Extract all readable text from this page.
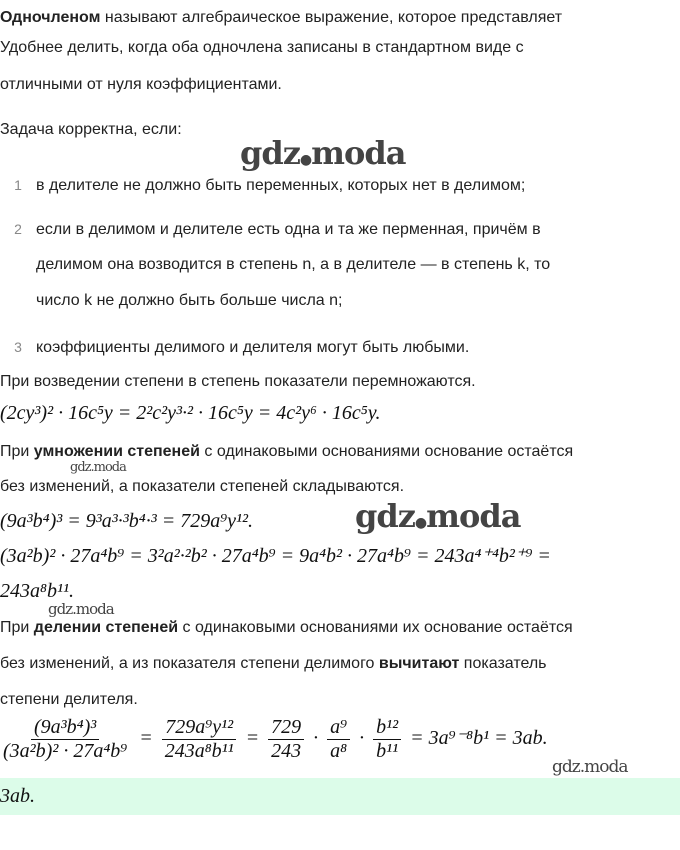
Одночленом называют алгебраическое выражение, которое представляет
Удобнее делить, когда оба одночлена записаны в стандартном виде с
отличными от нуля коэффициентами.
Задача корректна, если:
gdz●moda
1 в делителе не должно быть переменных, которых нет в делимом;
2 если в делимом и делителе есть одна и та же перменная, причём в
делимом она возводится в степень n, а в делителе — в степень k, то
число k не должно быть больше числа n;
3 коэффициенты делимого и делителя могут быть любыми.
При возведении степени в степень показатели перемножаются.
(2cy³)² · 16c⁵y = 2²c²y³·² · 16c⁵y = 4c²y⁶ · 16c⁵y.
При умножении степеней с одинаковыми основаниями основание остаётся
gdz.moda
без изменений, а показатели степеней складываются.
(9a³b⁴)³ = 9³a³·³b⁴·³ = 729a⁹y¹².	gdz●moda
(3a²b)² · 27a⁴b⁹ = 3²a²·²b² · 27a⁴b⁹ = 9a⁴b² · 27a⁴b⁹ = 243a⁴⁺⁴b²⁺⁹ =
243a⁸b¹¹.
gdz.moda
При делении степеней с одинаковыми основаниями их основание остаётся
без изменений, а из показателя степени делимого вычитают показатель
степени делителя.
$\frac{\text{(9a³b⁴)³}}{\text{(3a²b)² · 27a⁴b⁹}} = \frac{\text{729a⁹y¹²}}{\text{243a⁸b¹¹}} = \frac{729}{243} \cdot \frac{\text{a⁹}}{\text{a⁸}} \cdot \frac{\text{b¹²}}{\text{b¹¹}} = 3a^{9-8}b^1 = 3ab$.
gdz.moda
3ab.
